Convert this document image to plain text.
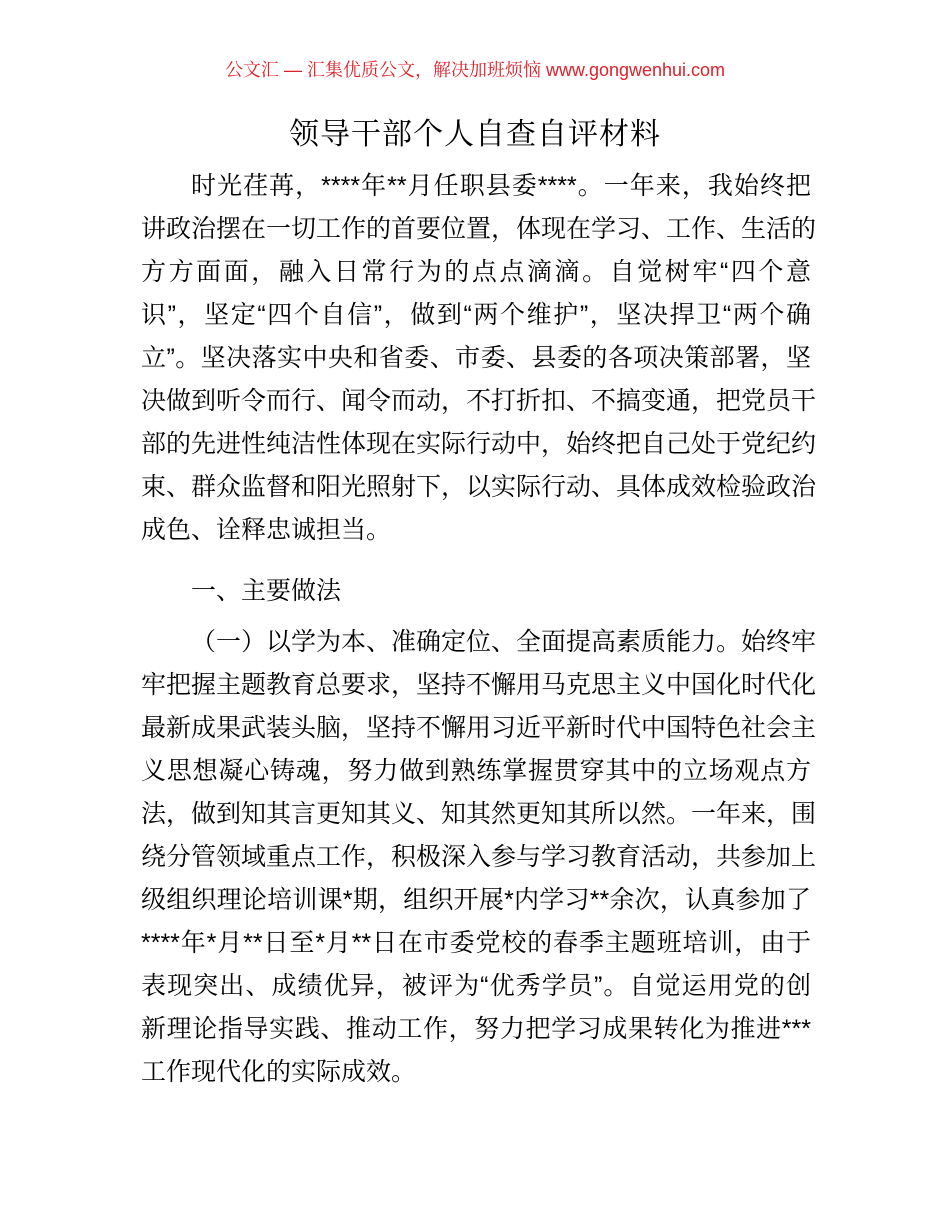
公文汇 — 汇集优质公文，解决加班烦恼 www.gongwenhui.com
领导干部个人自查自评材料
时光荏苒，****年**月任职县委****。一年来，我始终把
讲政治摆在一切工作的首要位置，体现在学习、工作、生活的
方方面面，融入日常行为的点点滴滴。自觉树牢“四个意
识”，坚定“四个自信”，做到“两个维护”，坚决捍卫“两个确
立”。坚决落实中央和省委、市委、县委的各项决策部署，坚
决做到听令而行、闻令而动，不打折扣、不搞变通，把党员干
部的先进性纯洁性体现在实际行动中，始终把自己处于党纪约
束、群众监督和阳光照射下，以实际行动、具体成效检验政治
成色、诠释忠诚担当。
一、主要做法
（一）以学为本、准确定位、全面提高素质能力。始终牢
牢把握主题教育总要求，坚持不懈用马克思主义中国化时代化
最新成果武装头脑，坚持不懈用习近平新时代中国特色社会主
义思想凝心铸魂，努力做到熟练掌握贯穿其中的立场观点方
法，做到知其言更知其义、知其然更知其所以然。一年来，围
绕分管领域重点工作，积极深入参与学习教育活动，共参加上
级组织理论培训课*期，组织开展*内学习**余次，认真参加了
****年*月**日至*月**日在市委党校的春季主题班培训，由于
表现突出、成绩优异，被评为“优秀学员”。自觉运用党的创
新理论指导实践、推动工作，努力把学习成果转化为推进***
工作现代化的实际成效。
